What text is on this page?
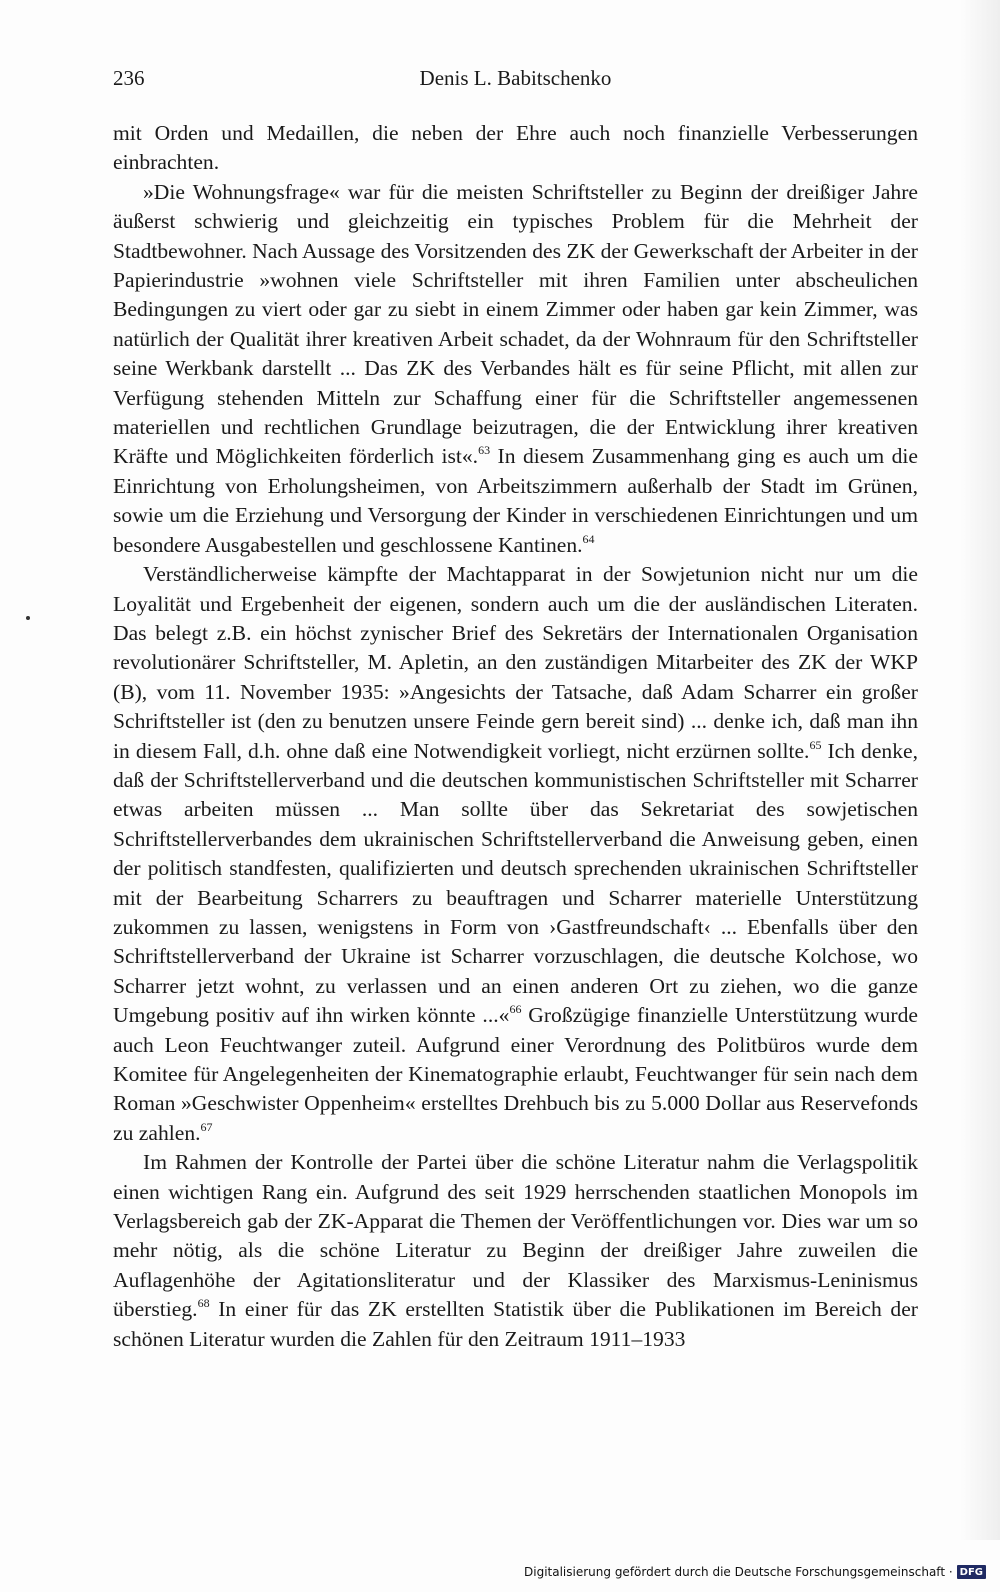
236	Denis L. Babitschenko

mit Orden und Medaillen, die neben der Ehre auch noch finanzielle Verbesserungen einbrachten.

»Die Wohnungsfrage« war für die meisten Schriftsteller zu Beginn der dreißiger Jahre äußerst schwierig und gleichzeitig ein typisches Problem für die Mehrheit der Stadtbewohner. Nach Aussage des Vorsitzenden des ZK der Gewerkschaft der Arbeiter in der Papierindustrie »wohnen viele Schriftsteller mit ihren Familien unter abscheulichen Bedingungen zu viert oder gar zu siebt in einem Zimmer oder haben gar kein Zimmer, was natürlich der Qualität ihrer kreativen Arbeit schadet, da der Wohnraum für den Schriftsteller seine Werkbank darstellt ... Das ZK des Verbandes hält es für seine Pflicht, mit allen zur Verfügung stehenden Mitteln zur Schaffung einer für die Schriftsteller angemessenen materiellen und rechtlichen Grundlage beizutragen, die der Entwicklung ihrer kreativen Kräfte und Möglichkeiten förderlich ist«.$^{63}$ In diesem Zusammenhang ging es auch um die Einrichtung von Erholungsheimen, von Arbeitszimmern außerhalb der Stadt im Grünen, sowie um die Erziehung und Versorgung der Kinder in verschiedenen Einrichtungen und um besondere Ausgabestellen und geschlossene Kantinen.$^{64}$

Verständlicherweise kämpfte der Machtapparat in der Sowjetunion nicht nur um die Loyalität und Ergebenheit der eigenen, sondern auch um die der ausländischen Literaten. Das belegt z.B. ein höchst zynischer Brief des Sekretärs der Internationalen Organisation revolutionärer Schriftsteller, M. Apletin, an den zuständigen Mitarbeiter des ZK der WKP (B), vom 11. November 1935: »Angesichts der Tatsache, daß Adam Scharrer ein großer Schriftsteller ist (den zu benutzen unsere Feinde gern bereit sind) ... denke ich, daß man ihn in diesem Fall, d.h. ohne daß eine Notwendigkeit vorliegt, nicht erzürnen sollte.$^{65}$ Ich denke, daß der Schriftstellerverband und die deutschen kommunistischen Schriftsteller mit Scharrer etwas arbeiten müssen ... Man sollte über das Sekretariat des sowjetischen Schriftstellerverbandes dem ukrainischen Schriftstellerverband die Anweisung geben, einen der politisch standfesten, qualifizierten und deutsch sprechenden ukrainischen Schriftsteller mit der Bearbeitung Scharrers zu beauftragen und Scharrer materielle Unterstützung zukommen zu lassen, wenigstens in Form von ›Gastfreundschaft‹ ... Ebenfalls über den Schriftstellerverband der Ukraine ist Scharrer vorzuschlagen, die deutsche Kolchose, wo Scharrer jetzt wohnt, zu verlassen und an einen anderen Ort zu ziehen, wo die ganze Umgebung positiv auf ihn wirken könnte ...«$^{66}$ Großzügige finanzielle Unterstützung wurde auch Leon Feuchtwanger zuteil. Aufgrund einer Verordnung des Politbüros wurde dem Komitee für Angelegenheiten der Kinematographie erlaubt, Feuchtwanger für sein nach dem Roman »Geschwister Oppenheim« erstelltes Drehbuch bis zu 5.000 Dollar aus Reservefonds zu zahlen.$^{67}$

Im Rahmen der Kontrolle der Partei über die schöne Literatur nahm die Verlagspolitik einen wichtigen Rang ein. Aufgrund des seit 1929 herrschenden staatlichen Monopols im Verlagsbereich gab der ZK-Apparat die Themen der Veröffentlichungen vor. Dies war um so mehr nötig, als die schöne Literatur zu Beginn der dreißiger Jahre zuweilen die Auflagenhöhe der Agitationsliteratur und der Klassiker des Marxismus-Leninismus überstieg.$^{68}$ In einer für das ZK erstellten Statistik über die Publikationen im Bereich der schönen Literatur wurden die Zahlen für den Zeitraum 1911–1933

Digitalisierung gefördert durch die Deutsche Forschungsgemeinschaft · DFG
